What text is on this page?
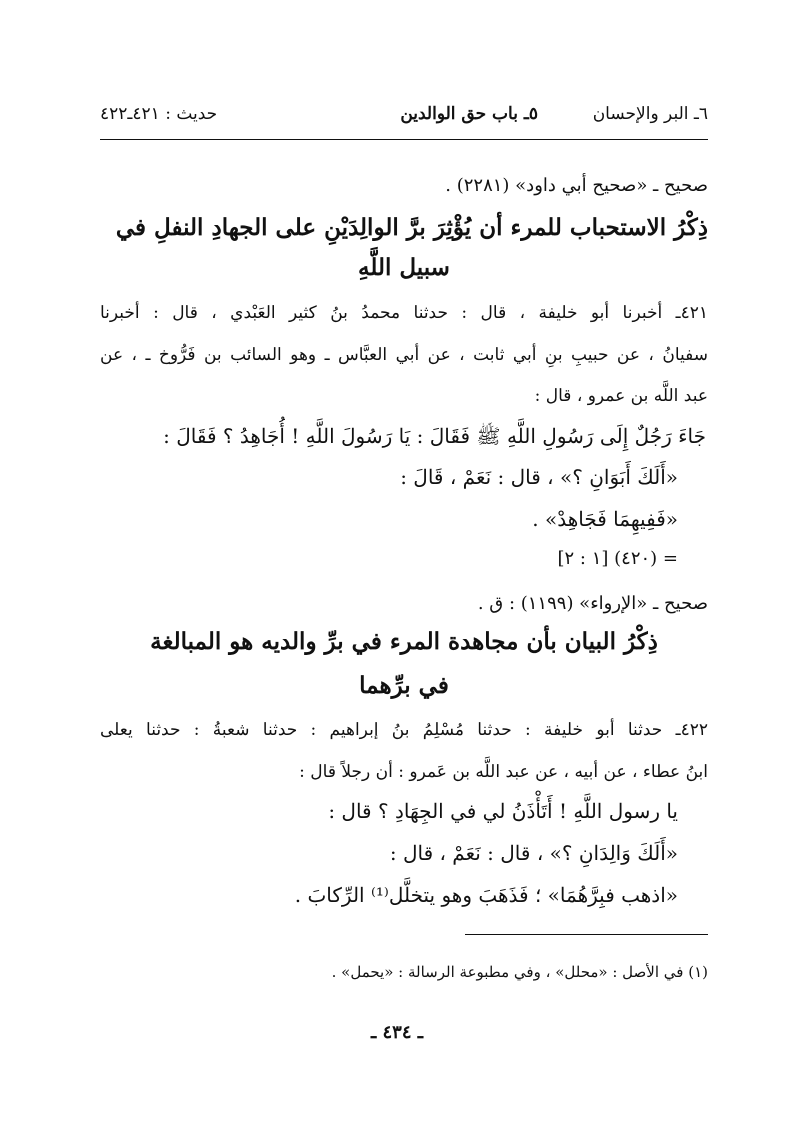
٦ـ البر والإحسان
٥ـ باب حق الوالدين
حديث : ٤٢١ـ٤٢٢
صحيح ـ «صحيح أبي داود» (٢٢٨١) .
ذِكْرُ الاستحباب للمرء أن يُؤْثِرَ برَّ الوالِدَيْنِ على الجهادِ النفلِ في
سبيل اللَّهِ
٤٢١ـ أخبرنا أبو خليفة ، قال : حدثنا محمدُ بنُ كثير العَبْدي ، قال : أخبرنا
سفيانُ ، عن حبيبِ بنِ أبي ثابت ، عن أبي العبَّاس ـ وهو السائب بن فَرُّوخ ـ ، عن
عبد اللَّه بن عمرو ، قال :
جَاءَ رَجُلٌ إِلَى رَسُولِ اللَّهِ ﷺ فَقَالَ : يَا رَسُولَ اللَّهِ ! أُجَاهِدُ ؟ فَقَالَ :
«أَلَكَ أَبَوَانِ ؟» ، قال : نَعَمْ ، قَالَ :
«فَفِيهِمَا فَجَاهِدْ» .
= (٤٢٠) [١ : ٢]
صحيح ـ «الإرواء» (١١٩٩) : ق .
ذِكْرُ البيان بأن مجاهدة المرء في برِّ والديه هو المبالغة
في برِّهما
٤٢٢ـ حدثنا أبو خليفة : حدثنا مُسْلِمُ بنُ إبراهيم : حدثنا شعبةُ : حدثنا يعلى
ابنُ عطاء ، عن أبيه ، عن عبد اللَّه بن عَمرو : أن رجلاً قال :
يا رسول اللَّهِ ! أَتَأْذَنُ لي في الجِهَادِ ؟ قال :
«أَلَكَ وَالِدَانِ ؟» ، قال : نَعَمْ ، قال :
«اذهب فبِرَّهُمَا» ؛ فَذَهَبَ وهو يتخلَّل⁽¹⁾ الرِّكابَ .
(١) في الأصل : «محلل» ، وفي مطبوعة الرسالة : «يحمل» .
ـ ٤٣٤ ـ
